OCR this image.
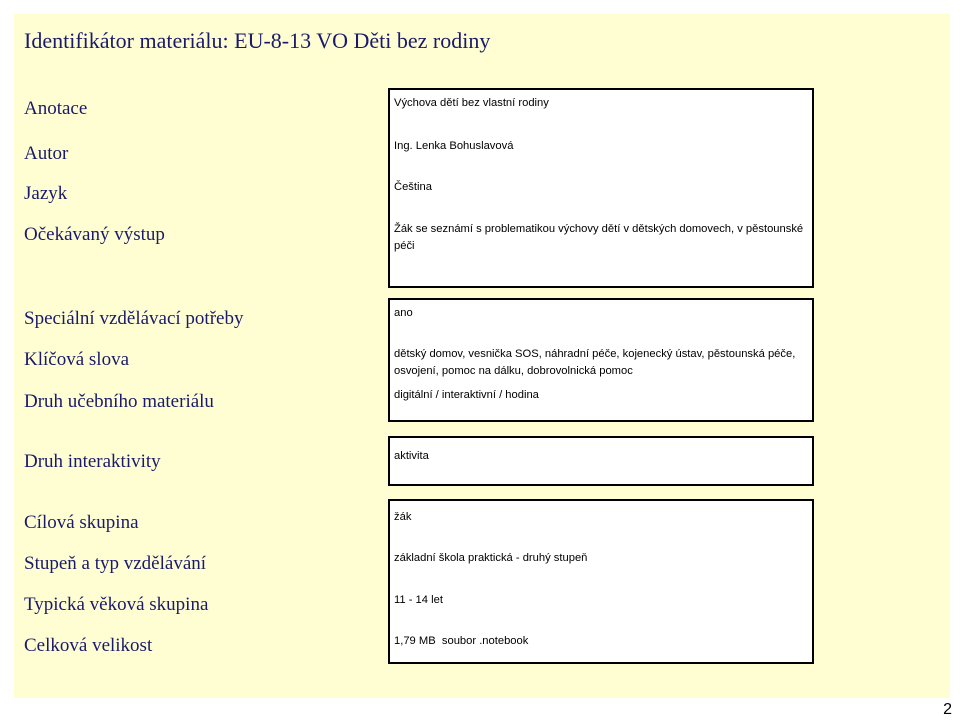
Identifikátor materiálu: EU-8-13 VO Děti bez rodiny
Anotace
Autor
Jazyk
Očekávaný výstup
Speciální vzdělávací potřeby
Klíčová slova
Druh učebního materiálu
Druh interaktivity
Cílová skupina
Stupeň a typ vzdělávání
Typická věková skupina
Celková velikost
Výchova dětí bez vlastní rodiny
Ing. Lenka Bohuslavová
Čeština
Žák se seznámí s problematikou výchovy dětí v dětských domovech, v pěstounské péči
ano
dětský domov, vesnička SOS, náhradní péče, kojenecký ústav, pěstounská péče, osvojení, pomoc na dálku, dobrovolnická pomoc
digitální / interaktivní / hodina
aktivita
žák
základní škola praktická - druhý stupeň
11 - 14 let
1,79 MB  soubor .notebook
2
